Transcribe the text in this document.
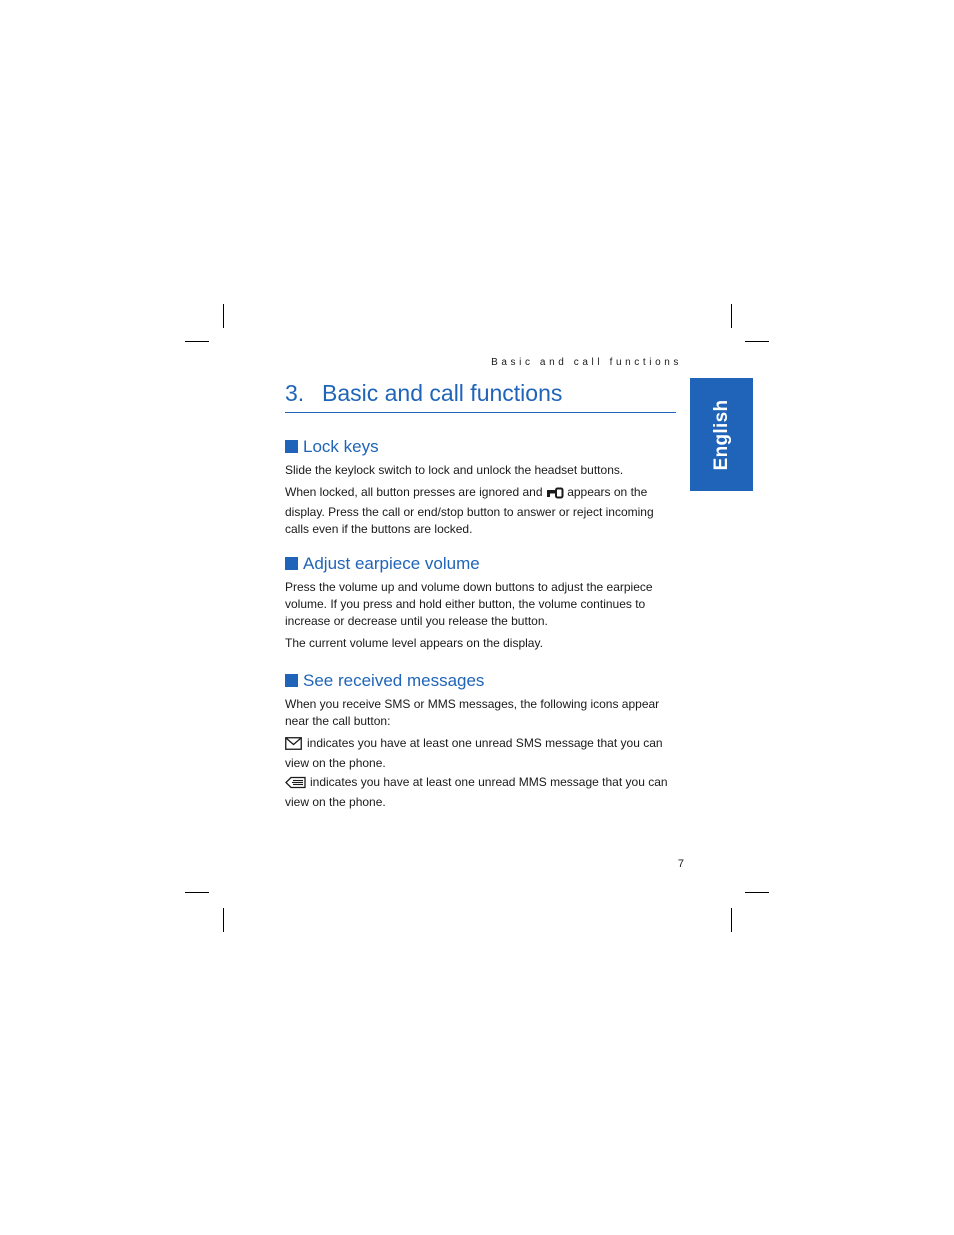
Basic and call functions
English
3. Basic and call functions
Lock keys
Slide the keylock switch to lock and unlock the headset buttons.
When locked, all button presses are ignored and appears on the display. Press the call or end/stop button to answer or reject incoming calls even if the buttons are locked.
Adjust earpiece volume
Press the volume up and volume down buttons to adjust the earpiece volume. If you press and hold either button, the volume continues to increase or decrease until you release the button.
The current volume level appears on the display.
See received messages
When you receive SMS or MMS messages, the following icons appear near the call button:
indicates you have at least one unread SMS message that you can view on the phone.
indicates you have at least one unread MMS message that you can view on the phone.
7
